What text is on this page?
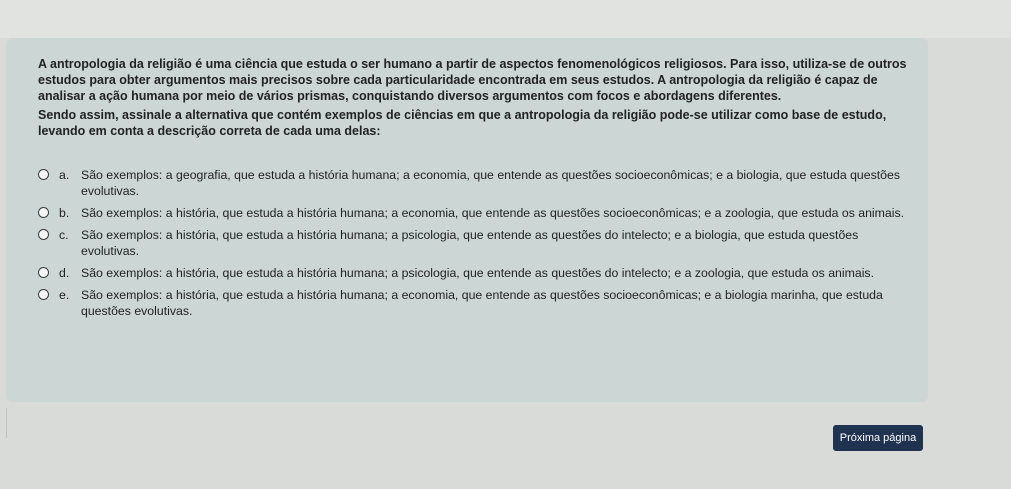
A antropologia da religião é uma ciência que estuda o ser humano a partir de aspectos fenomenológicos religiosos. Para isso, utiliza-se de outros estudos para obter argumentos mais precisos sobre cada particularidade encontrada em seus estudos. A antropologia da religião é capaz de analisar a ação humana por meio de vários prismas, conquistando diversos argumentos com focos e abordagens diferentes.

Sendo assim, assinale a alternativa que contém exemplos de ciências em que a antropologia da religião pode-se utilizar como base de estudo, levando em conta a descrição correta de cada uma delas:

a. São exemplos: a geografia, que estuda a história humana; a economia, que entende as questões socioeconômicas; e a biologia, que estuda questões evolutivas.
b. São exemplos: a história, que estuda a história humana; a economia, que entende as questões socioeconômicas; e a zoologia, que estuda os animais.
c.	São exemplos: a história, que estuda a história humana; a psicologia, que entende as questões do intelecto; e a biologia, que estuda questões evolutivas.
d. São exemplos: a história, que estuda a história humana; a psicologia, que entende as questões do intelecto; e a zoologia, que estuda os animais.
e. São exemplos: a história, que estuda a história humana; a economia, que entende as questões socioeconômicas; e a biologia marinha, que estuda questões evolutivas.
Próxima página
